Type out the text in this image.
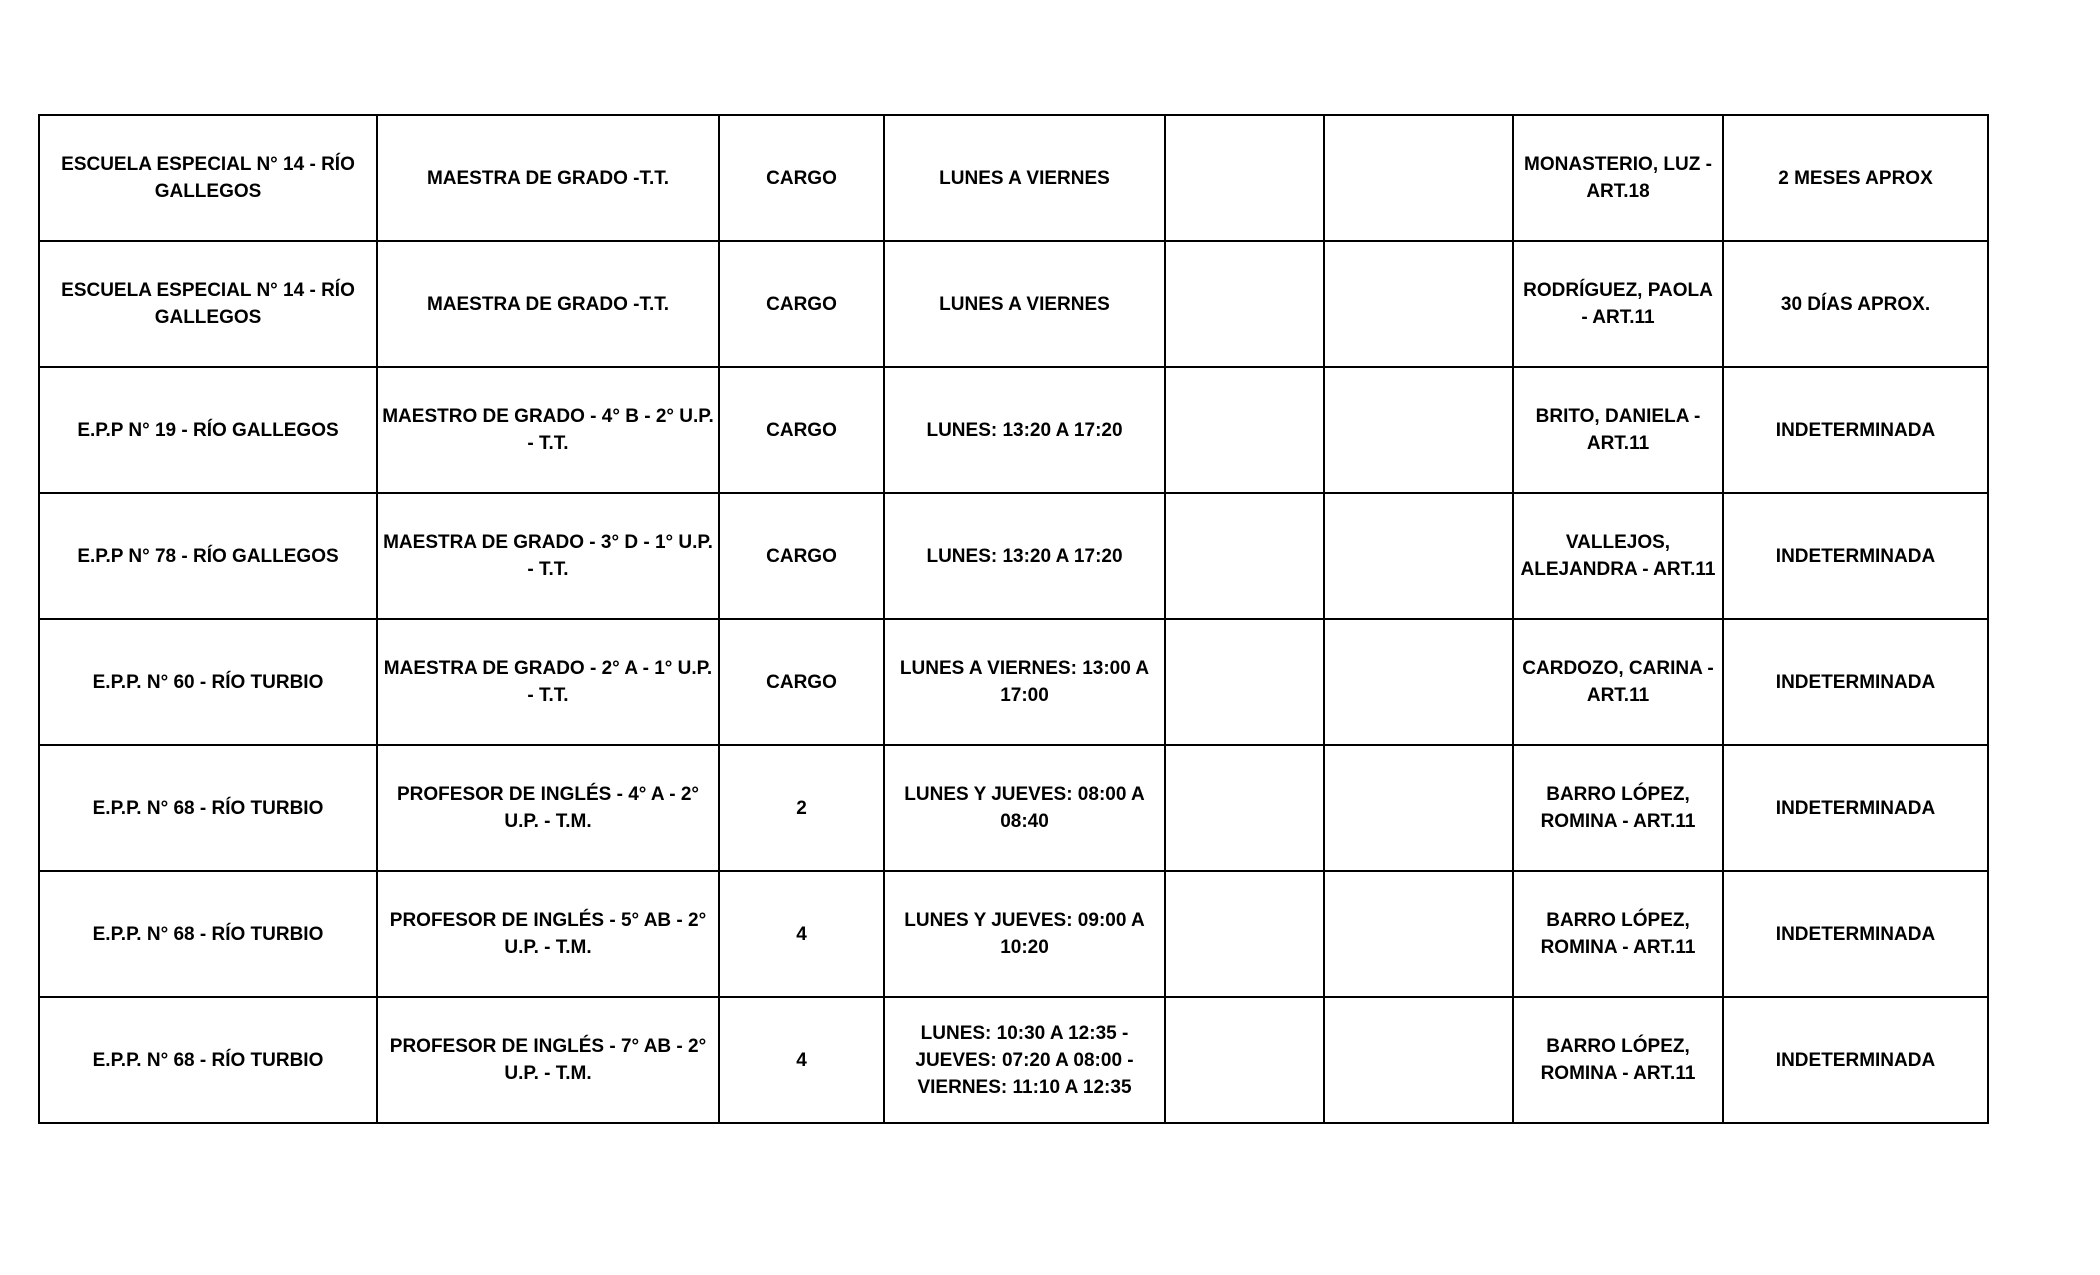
ESCUELA ESPECIAL N° 14 - RÍO GALLEGOS	MAESTRA DE GRADO -T.T.	CARGO	LUNES A VIERNES			MONASTERIO, LUZ - ART.18	2 MESES APROX
ESCUELA ESPECIAL N° 14 - RÍO GALLEGOS	MAESTRA DE GRADO -T.T.	CARGO	LUNES A VIERNES			RODRÍGUEZ, PAOLA - ART.11	30 DÍAS APROX.
E.P.P N° 19 - RÍO GALLEGOS	MAESTRO DE GRADO - 4° B - 2° U.P. - T.T.	CARGO	LUNES: 13:20 A 17:20			BRITO, DANIELA - ART.11	INDETERMINADA
E.P.P N° 78 - RÍO GALLEGOS	MAESTRA DE GRADO - 3° D - 1° U.P. - T.T.	CARGO	LUNES: 13:20 A 17:20			VALLEJOS, ALEJANDRA - ART.11	INDETERMINADA
E.P.P. N° 60 - RÍO TURBIO	MAESTRA DE GRADO - 2° A - 1° U.P. - T.T.	CARGO	LUNES A VIERNES: 13:00 A 17:00			CARDOZO, CARINA - ART.11	INDETERMINADA
E.P.P. N° 68 - RÍO TURBIO	PROFESOR DE INGLÉS - 4° A - 2° U.P. - T.M.	2	LUNES Y JUEVES: 08:00 A 08:40			BARRO LÓPEZ, ROMINA - ART.11	INDETERMINADA
E.P.P. N° 68 - RÍO TURBIO	PROFESOR DE INGLÉS - 5° AB - 2° U.P. - T.M.	4	LUNES Y JUEVES: 09:00 A 10:20			BARRO LÓPEZ, ROMINA - ART.11	INDETERMINADA
E.P.P. N° 68 - RÍO TURBIO	PROFESOR DE INGLÉS - 7° AB - 2° U.P. - T.M.	4	LUNES: 10:30 A 12:35 - JUEVES: 07:20 A 08:00 - VIERNES: 11:10 A 12:35			BARRO LÓPEZ, ROMINA - ART.11	INDETERMINADA
